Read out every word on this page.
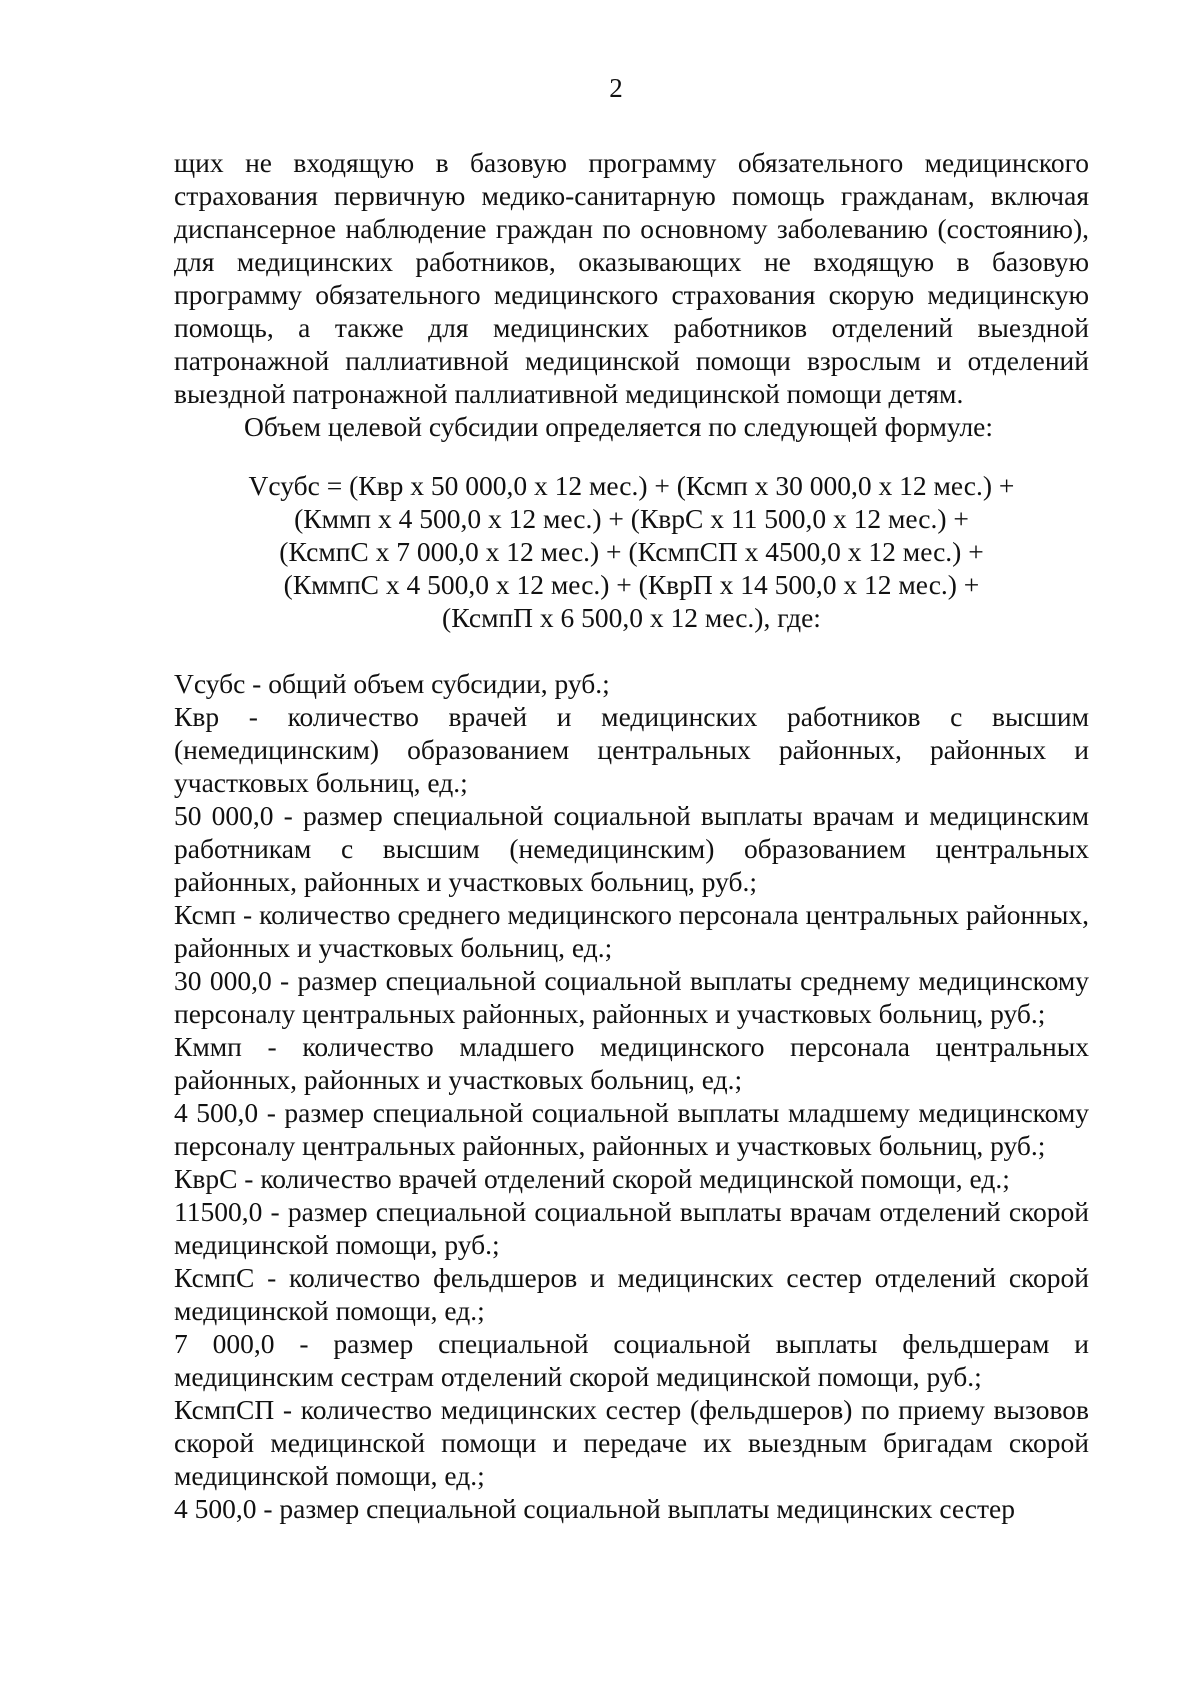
2

щих не входящую в базовую программу обязательного медицинского страхования первичную медико-санитарную помощь гражданам, включая диспансерное наблюдение граждан по основному заболеванию (состоянию), для медицинских работников, оказывающих не входящую в базовую программу обязательного медицинского страхования скорую медицинскую помощь, а также для медицинских работников отделений выездной патронажной паллиативной медицинской помощи взрослым и отделений выездной патронажной паллиативной медицинской помощи детям.

Объем целевой субсидии определяется по следующей формуле:

Vсубс = (Квр х 50 000,0 х 12 мес.) + (Ксмп х 30 000,0 х 12 мес.) +
(Кммп х 4 500,0 х 12 мес.) + (КврС х 11 500,0 х 12 мес.) +
(КсмпС х 7 000,0 х 12 мес.) + (КсмпСП х 4500,0 х 12 мес.) +
(КммпС х 4 500,0 х 12 мес.) + (КврП х 14 500,0 х 12 мес.) +
(КсмпП х 6 500,0 х 12 мес.), где:

Vсубс - общий объем субсидии, руб.;

Квр - количество врачей и медицинских работников с высшим (немедицинским) образованием центральных районных, районных и участковых больниц, ед.;

50 000,0 - размер специальной социальной выплаты врачам и медицинским работникам с высшим (немедицинским) образованием центральных районных, районных и участковых больниц, руб.;

Ксмп - количество среднего медицинского персонала центральных районных, районных и участковых больниц, ед.;

30 000,0 - размер специальной социальной выплаты среднему медицинскому персоналу центральных районных, районных и участковых больниц, руб.;

Кммп - количество младшего медицинского персонала центральных районных, районных и участковых больниц, ед.;

4 500,0 - размер специальной социальной выплаты младшему медицинскому персоналу центральных районных, районных и участковых больниц, руб.;

КврС - количество врачей отделений скорой медицинской помощи, ед.;

11500,0 - размер специальной социальной выплаты врачам отделений скорой медицинской помощи, руб.;

КсмпС - количество фельдшеров и медицинских сестер отделений скорой медицинской помощи, ед.;

7 000,0 - размер специальной социальной выплаты фельдшерам и медицинским сестрам отделений скорой медицинской помощи, руб.;

КсмпСП - количество медицинских сестер (фельдшеров) по приему вызовов скорой медицинской помощи и передаче их выездным бригадам скорой медицинской помощи, ед.;

4 500,0 - размер специальной социальной выплаты медицинских сестер
